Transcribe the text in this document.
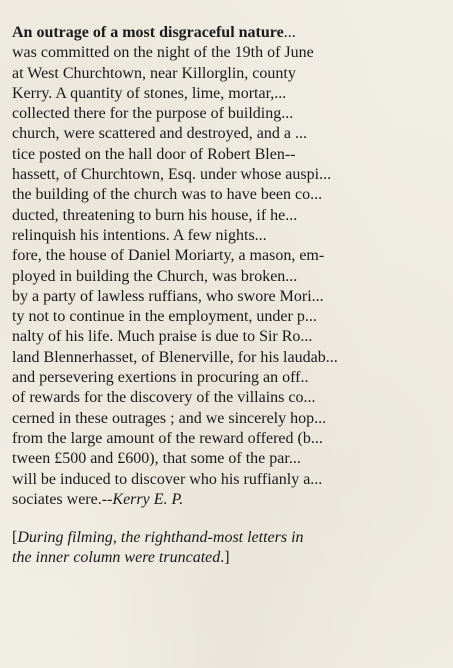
An outrage of a most disgraceful nature...
was committed on the night of the 19th of June
at West Churchtown, near Killorglin, county
Kerry. A quantity of stones, lime, mortar,...
collected there for the purpose of building...
church, were scattered and destroyed, and a ...
tice posted on the hall door of Robert Blen--
hassett, of Churchtown, Esq. under whose auspi...
the building of the church was to have been co...
ducted, threatening to burn his house, if he...
relinquish his intentions. A few nights...
fore, the house of Daniel Moriarty, a mason, em-
ployed in building the Church, was broken...
by a party of lawless ruffians, who swore Mori...
ty not to continue in the employment, under p...
nalty of his life. Much praise is due to Sir Ro...
land Blennerhasset, of Blenerville, for his laudab...
and persevering exertions in procuring an off..
of rewards for the discovery of the villains co...
cerned in these outrages ; and we sincerely hop...
from the large amount of the reward offered (b...
tween £500 and £600), that some of the par...
will be induced to discover who his ruffianly a...
sociates were.--Kerry E. P.
[During filming, the righthand-most letters in
the inner column were truncated.]
